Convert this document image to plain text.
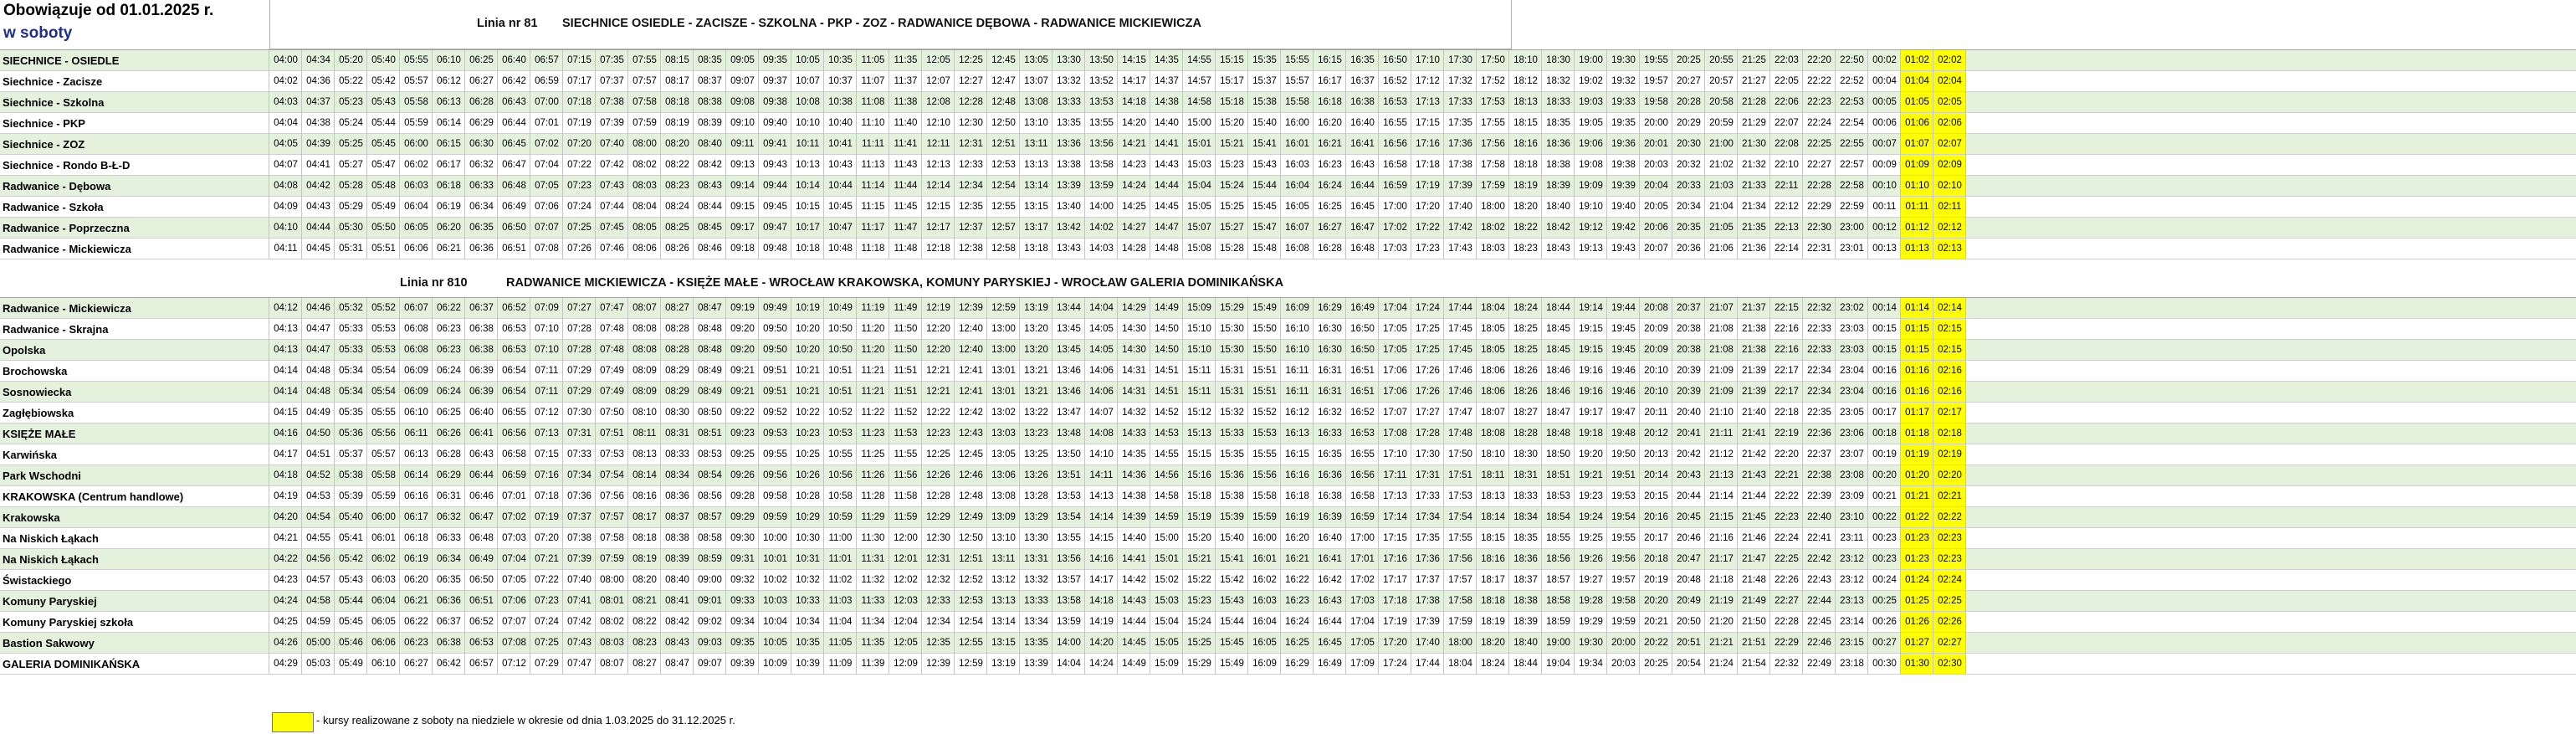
Obowiązuje od 01.01.2025 r.
w soboty
Linia nr 81 SIECHNICE OSIEDLE - ZACISZE - SZKOLNA - PKP - ZOZ - RADWANICE DĘBOWA - RADWANICE MICKIEWICZA
SIECHNICE - OSIEDLE	04:00 04:34 05:20 05:40 05:55 06:10 06:25 06:40 06:57 07:15 07:35 07:55 08:15 08:35 09:05 09:35 10:05 10:35 11:05 11:35 12:05 12:25 12:45 13:05 13:30 13:50 14:15 14:35 14:55 15:15 15:35 15:55 16:15 16:35 16:50 17:10 17:30 17:50 18:10 18:30 19:00 19:30 19:55 20:25 20:55 21:25 22:03 22:20 22:50 00:02 01:02 02:02
Siechnice - Zacisze	04:02 04:36 05:22 05:42 05:57 06:12 06:27 06:42 06:59 07:17 07:37 07:57 08:17 08:37 09:07 09:37 10:07 10:37 11:07 11:37 12:07 12:27 12:47 13:07 13:32 13:52 14:17 14:37 14:57 15:17 15:37 15:57 16:17 16:37 16:52 17:12 17:32 17:52 18:12 18:32 19:02 19:32 19:57 20:27 20:57 21:27 22:05 22:22 22:52 00:04 01:04 02:04
Siechnice - Szkolna	04:03 04:37 05:23 05:43 05:58 06:13 06:28 06:43 07:00 07:18 07:38 07:58 08:18 08:38 09:08 09:38 10:08 10:38 11:08 11:38 12:08 12:28 12:48 13:08 13:33 13:53 14:18 14:38 14:58 15:18 15:38 15:58 16:18 16:38 16:53 17:13 17:33 17:53 18:13 18:33 19:03 19:33 19:58 20:28 20:58 21:28 22:06 22:23 22:53 00:05 01:05 02:05
Siechnice - PKP	04:04 04:38 05:24 05:44 05:59 06:14 06:29 06:44 07:01 07:19 07:39 07:59 08:19 08:39 09:10 09:40 10:10 10:40 11:10 11:40 12:10 12:30 12:50 13:10 13:35 13:55 14:20 14:40 15:00 15:20 15:40 16:00 16:20 16:40 16:55 17:15 17:35 17:55 18:15 18:35 19:05 19:35 20:00 20:29 20:59 21:29 22:07 22:24 22:54 00:06 01:06 02:06
Siechnice - ZOZ	04:05 04:39 05:25 05:45 06:00 06:15 06:30 06:45 07:02 07:20 07:40 08:00 08:20 08:40 09:11 09:41 10:11 10:41 11:11	11:41 12:11 12:31 12:51 13:11 13:36 13:56 14:21 14:41 15:01 15:21 15:41 16:01 16:21 16:41 16:56 17:16 17:36 17:56 18:16 18:36 19:06 19:36 20:01 20:30 21:00 21:30 22:08 22:25 22:55 00:07 01:07 02:07
Siechnice - Rondo B-Ł-D	04:07 04:41 05:27 05:47 06:02 06:17 06:32 06:47 07:04 07:22 07:42 08:02 08:22 08:42 09:13 09:43 10:13 10:43 11:13 11:43 12:13 12:33 12:53 13:13 13:38 13:58 14:23 14:43 15:03 15:23 15:43 16:03 16:23 16:43 16:58 17:18 17:38 17:58 18:18 18:38 19:08 19:38 20:03 20:32 21:02 21:32 22:10 22:27 22:57 00:09 01:09 02:09
Radwanice - Dębowa	04:08 04:42 05:28 05:48 06:03 06:18 06:33 06:48 07:05 07:23 07:43 08:03 08:23 08:43 09:14 09:44 10:14 10:44 11:14 11:44 12:14 12:34 12:54 13:14 13:39 13:59 14:24 14:44 15:04 15:24 15:44 16:04 16:24 16:44 16:59 17:19 17:39 17:59 18:19 18:39 19:09 19:39 20:04 20:33 21:03 21:33 22:11 22:28 22:58 00:10 01:10 02:10
Radwanice - Szkoła	04:09 04:43 05:29 05:49 06:04 06:19 06:34 06:49 07:06 07:24 07:44 08:04 08:24 08:44 09:15 09:45 10:15 10:45 11:15 11:45 12:15 12:35 12:55 13:15 13:40 14:00 14:25 14:45 15:05 15:25 15:45 16:05 16:25 16:45 17:00 17:20 17:40 18:00 18:20 18:40 19:10 19:40 20:05 20:34 21:04 21:34 22:12 22:29 22:59 00:11 01:11 02:11
Radwanice - Poprzeczna	04:10 04:44 05:30 05:50 06:05 06:20 06:35 06:50 07:07 07:25 07:45 08:05 08:25 08:45 09:17 09:47 10:17 10:47 11:17 11:47 12:17 12:37 12:57 13:17 13:42 14:02 14:27 14:47 15:07 15:27 15:47 16:07 16:27 16:47 17:02 17:22 17:42 18:02 18:22 18:42 19:12 19:42 20:06 20:35 21:05 21:35 22:13 22:30 23:00 00:12 01:12 02:12
Radwanice - Mickiewicza	04:11 04:45 05:31 05:51 06:06 06:21 06:36 06:51 07:08 07:26 07:46 08:06 08:26 08:46 09:18 09:48 10:18 10:48 11:18 11:48 12:18 12:38 12:58 13:18 13:43 14:03 14:28 14:48 15:08 15:28 15:48 16:08 16:28 16:48 17:03 17:23 17:43 18:03 18:23 18:43 19:13 19:43 20:07 20:36 21:06 21:36 22:14 22:31 23:01 00:13 01:13 02:13
Linia nr 810	RADWANICE MICKIEWICZA - KSIĘŻE MAŁE - WROCŁAW KRAKOWSKA, KOMUNY PARYSKIEJ - WROCŁAW GALERIA DOMINIKAŃSKA
Radwanice - Mickiewicza	04:12 04:46 05:32 05:52 06:07 06:22 06:37 06:52 07:09 07:27 07:47 08:07 08:27 08:47 09:19 09:49 10:19 10:49 11:19 11:49 12:19 12:39 12:59 13:19 13:44 14:04 14:29 14:49 15:09 15:29 15:49 16:09 16:29 16:49 17:04 17:24 17:44 18:04 18:24 18:44 19:14 19:44 20:08 20:37 21:07 21:37 22:15 22:32 23:02 00:14 01:14 02:14
Radwanice - Skrajna	04:13 04:47 05:33 05:53 06:08 06:23 06:38 06:53 07:10 07:28 07:48 08:08 08:28 08:48 09:20 09:50 10:20 10:50 11:20 11:50 12:20 12:40 13:00 13:20 13:45 14:05 14:30 14:50 15:10 15:30 15:50 16:10 16:30 16:50 17:05 17:25 17:45 18:05 18:25 18:45 19:15 19:45 20:09 20:38 21:08 21:38 22:16 22:33 23:03 00:15 01:15 02:15
Opolska	04:13 04:47 05:33 05:53 06:08 06:23 06:38 06:53 07:10 07:28 07:48 08:08 08:28 08:48 09:20 09:50 10:20 10:50 11:20 11:50 12:20 12:40 13:00 13:20 13:45 14:05 14:30 14:50 15:10 15:30 15:50 16:10 16:30 16:50 17:05 17:25 17:45 18:05 18:25 18:45 19:15 19:45 20:09 20:38 21:08 21:38 22:16 22:33 23:03 00:15 01:15 02:15
Brochowska	04:14 04:48 05:34 05:54 06:09 06:24 06:39 06:54 07:11 07:29 07:49 08:09 08:29 08:49 09:21 09:51 10:21 10:51 11:21 11:51 12:21 12:41 13:01 13:21 13:46 14:06 14:31 14:51 15:11 15:31 15:51 16:11 16:31 16:51 17:06 17:26 17:46 18:06 18:26 18:46 19:16 19:46 20:10 20:39 21:09 21:39 22:17 22:34 23:04 00:16 01:16 02:16
Sosnowiecka	04:14 04:48 05:34 05:54 06:09 06:24 06:39 06:54 07:11 07:29 07:49 08:09 08:29 08:49 09:21 09:51 10:21 10:51 11:21 11:51 12:21 12:41 13:01 13:21 13:46 14:06 14:31 14:51 15:11 15:31 15:51 16:11 16:31 16:51 17:06 17:26 17:46 18:06 18:26 18:46 19:16 19:46 20:10 20:39 21:09 21:39 22:17 22:34 23:04 00:16 01:16 02:16
Zagłębiowska	04:15 04:49 05:35 05:55 06:10 06:25 06:40 06:55 07:12 07:30 07:50 08:10 08:30 08:50 09:22 09:52 10:22 10:52 11:22 11:52 12:22 12:42 13:02 13:22 13:47 14:07 14:32 14:52 15:12 15:32 15:52 16:12 16:32 16:52 17:07 17:27 17:47 18:07 18:27 18:47 19:17 19:47 20:11 20:40 21:10 21:40 22:18 22:35 23:05 00:17 01:17 02:17
KSIĘŻE MAŁE	04:16 04:50 05:36 05:56 06:11 06:26 06:41 06:56 07:13 07:31 07:51 08:11 08:31 08:51 09:23 09:53 10:23 10:53 11:23 11:53 12:23 12:43 13:03 13:23 13:48 14:08 14:33 14:53 15:13 15:33 15:53 16:13 16:33 16:53 17:08 17:28 17:48 18:08 18:28 18:48 19:18 19:48 20:12 20:41 21:11 21:41 22:19 22:36 23:06 00:18 01:18 02:18
Karwińska	04:17 04:51 05:37 05:57 06:13 06:28 06:43 06:58 07:15 07:33 07:53 08:13 08:33 08:53 09:25 09:55 10:25 10:55 11:25 11:55 12:25 12:45 13:05 13:25 13:50 14:10 14:35 14:55 15:15 15:35 15:55 16:15 16:35 16:55 17:10 17:30 17:50 18:10 18:30 18:50 19:20 19:50 20:13 20:42 21:12 21:42 22:20 22:37 23:07 00:19 01:19 02:19
Park Wschodni	04:18 04:52 05:38 05:58 06:14 06:29 06:44 06:59 07:16 07:34 07:54 08:14 08:34 08:54 09:26 09:56 10:26 10:56 11:26 11:56 12:26 12:46 13:06 13:26 13:51 14:11 14:36 14:56 15:16 15:36 15:56 16:16 16:36 16:56 17:11 17:31 17:51 18:11 18:31 18:51 19:21 19:51 20:14 20:43 21:13 21:43 22:21 22:38 23:08 00:20 01:20 02:20
KRAKOWSKA (Centrum handlowe)	04:19 04:53 05:39 05:59 06:16 06:31 06:46 07:01 07:18 07:36 07:56 08:16 08:36 08:56 09:28 09:58 10:28 10:58 11:28 11:58 12:28 12:48 13:08 13:28 13:53 14:13 14:38 14:58 15:18 15:38 15:58 16:18 16:38 16:58 17:13 17:33 17:53 18:13 18:33 18:53 19:23 19:53 20:15 20:44 21:14 21:44 22:22 22:39 23:09 00:21 01:21 02:21
Krakowska	04:20 04:54 05:40 06:00 06:17 06:32 06:47 07:02 07:19 07:37 07:57 08:17 08:37 08:57 09:29 09:59 10:29 10:59 11:29 11:59 12:29 12:49 13:09 13:29 13:54 14:14 14:39 14:59 15:19 15:39 15:59 16:19 16:39 16:59 17:14 17:34 17:54 18:14 18:34 18:54 19:24 19:54 20:16 20:45 21:15 21:45 22:23 22:40 23:10 00:22 01:22 02:22
Na Niskich Łąkach	04:21 04:55 05:41 06:01 06:18 06:33 06:48 07:03 07:20 07:38 07:58 08:18 08:38 08:58 09:30 10:00 10:30 11:00 11:30 12:00 12:30 12:50 13:10 13:30 13:55 14:15 14:40 15:00 15:20 15:40 16:00 16:20 16:40 17:00 17:15 17:35 17:55 18:15 18:35 18:55 19:25 19:55 20:17 20:46 21:16 21:46 22:24 22:41 23:11 00:23 01:23 02:23
Na Niskich Łąkach	04:22 04:56 05:42 06:02 06:19 06:34 06:49 07:04 07:21 07:39 07:59 08:19 08:39 08:59 09:31 10:01 10:31 11:01 11:31 12:01 12:31 12:51 13:11 13:31 13:56 14:16 14:41 15:01 15:21 15:41 16:01 16:21 16:41 17:01 17:16 17:36 17:56 18:16 18:36 18:56 19:26 19:56 20:18 20:47 21:17 21:47 22:25 22:42 23:12 00:23 01:23 02:23
Świstackiego	04:23 04:57 05:43 06:03 06:20 06:35 06:50 07:05 07:22 07:40 08:00 08:20 08:40 09:00 09:32 10:02 10:32 11:02 11:32 12:02 12:32 12:52 13:12 13:32 13:57 14:17 14:42 15:02 15:22 15:42 16:02 16:22 16:42 17:02 17:17 17:37 17:57 18:17 18:37 18:57 19:27 19:57 20:19 20:48 21:18 21:48 22:26 22:43 23:12 00:24 01:24 02:24
Komuny Paryskiej	04:24 04:58 05:44 06:04 06:21 06:36 06:51 07:06 07:23 07:41 08:01 08:21 08:41 09:01 09:33 10:03 10:33 11:03 11:33 12:03 12:33 12:53 13:13 13:33 13:58 14:18 14:43 15:03 15:23 15:43 16:03 16:23 16:43 17:03 17:18 17:38 17:58 18:18 18:38 18:58 19:28 19:58 20:20 20:49 21:19 21:49 22:27 22:44 23:13 00:25 01:25 02:25
Komuny Paryskiej szkoła	04:25 04:59 05:45 06:05 06:22 06:37 06:52 07:07 07:24 07:42 08:02 08:22 08:42 09:02 09:34 10:04 10:34 11:04 11:34 12:04 12:34 12:54 13:14 13:34 13:59 14:19 14:44 15:04 15:24 15:44 16:04 16:24 16:44 17:04 17:19 17:39 17:59 18:19 18:39 18:59 19:29 19:59 20:21 20:50 21:20 21:50 22:28 22:45 23:14 00:26 01:26 02:26
Bastion Sakwowy	04:26 05:00 05:46 06:06 06:23 06:38 06:53 07:08 07:25 07:43 08:03 08:23 08:43 09:03 09:35 10:05 10:35 11:05 11:35 12:05 12:35 12:55 13:15 13:35 14:00 14:20 14:45 15:05 15:25 15:45 16:05 16:25 16:45 17:05 17:20 17:40 18:00 18:20 18:40 19:00 19:30 20:00 20:22 20:51 21:21 21:51 22:29 22:46 23:15 00:27 01:27 02:27
GALERIA DOMINIKAŃSKA	04:29 05:03 05:49 06:10 06:27 06:42 06:57 07:12 07:29 07:47 08:07 08:27 08:47 09:07 09:39 10:09 10:39 11:09 11:39 12:09 12:39 12:59 13:19 13:39 14:04 14:24 14:49 15:09 15:29 15:49 16:09 16:29 16:49 17:09 17:24 17:44 18:04 18:24 18:44 19:04 19:34 20:03 20:25 20:54 21:24 21:54 22:32 22:49 23:18 00:30 01:30 02:30
- kursy realizowane z soboty na niedziele w okresie od dnia 1.03.2025 do 31.12.2025 r.
